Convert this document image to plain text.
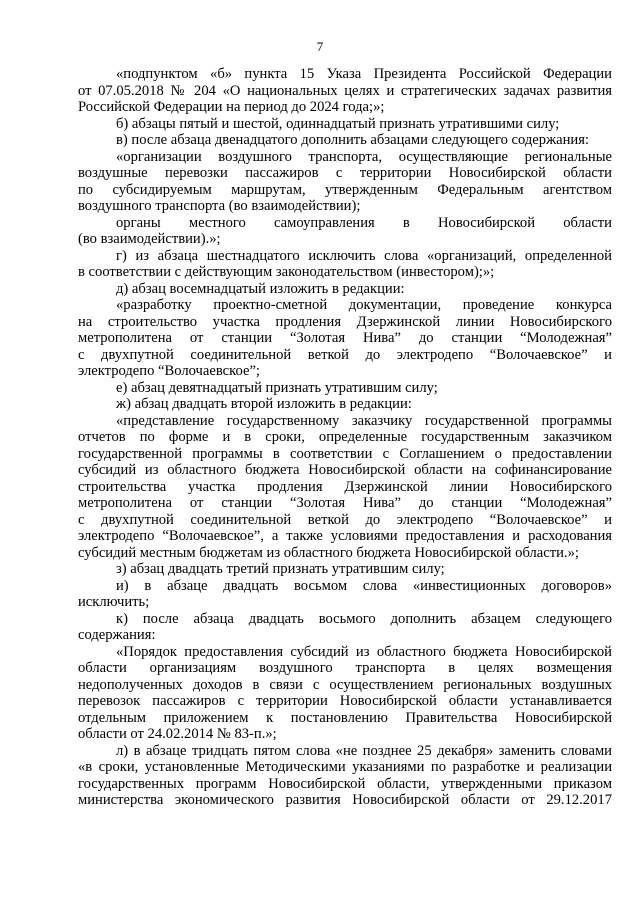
7
«подпунктом «б» пункта 15 Указа Президента Российской Федерации
от 07.05.2018 № 204 «О национальных целях и стратегических задачах развития
Российской Федерации на период до 2024 года;»;
б) абзацы пятый и шестой, одиннадцатый признать утратившими силу;
в) после абзаца двенадцатого дополнить абзацами следующего содержания:
«организации воздушного транспорта, осуществляющие региональные
воздушные перевозки пассажиров с территории Новосибирской области
по субсидируемым маршрутам, утвержденным Федеральным агентством
воздушного транспорта (во взаимодействии);
органы местного самоуправления в Новосибирской области
(во взаимодействии).»;
г) из абзаца шестнадцатого исключить слова «организаций, определенной
в соответствии с действующим законодательством (инвестором);»;
д) абзац восемнадцатый изложить в редакции:
«разработку проектно-сметной документации, проведение конкурса
на строительство участка продления Дзержинской линии Новосибирского
метрополитена от станции “Золотая Нива” до станции “Молодежная”
с двухпутной соединительной веткой до электродепо “Волочаевское” и
электродепо “Волочаевское”;
е) абзац девятнадцатый признать утратившим силу;
ж) абзац двадцать второй изложить в редакции:
«представление государственному заказчику государственной программы
отчетов по форме и в сроки, определенные государственным заказчиком
государственной программы в соответствии с Соглашением о предоставлении
субсидий из областного бюджета Новосибирской области на софинансирование
строительства участка продления Дзержинской линии Новосибирского
метрополитена от станции “Золотая Нива” до станции “Молодежная”
с двухпутной соединительной веткой до электродепо “Волочаевское” и
электродепо “Волочаевское”, а также условиями предоставления и расходования
субсидий местным бюджетам из областного бюджета Новосибирской области.»;
з) абзац двадцать третий признать утратившим силу;
и) в абзаце двадцать восьмом слова «инвестиционных договоров»
исключить;
к) после абзаца двадцать восьмого дополнить абзацем следующего
содержания:
«Порядок предоставления субсидий из областного бюджета Новосибирской
области организациям воздушного транспорта в целях возмещения
недополученных доходов в связи с осуществлением региональных воздушных
перевозок пассажиров с территории Новосибирской области устанавливается
отдельным приложением к постановлению Правительства Новосибирской
области от 24.02.2014 № 83-п.»;
л) в абзаце тридцать пятом слова «не позднее 25 декабря» заменить словами
«в сроки, установленные Методическими указаниями по разработке и реализации
государственных программ Новосибирской области, утвержденными приказом
министерства экономического развития Новосибирской области от 29.12.2017
